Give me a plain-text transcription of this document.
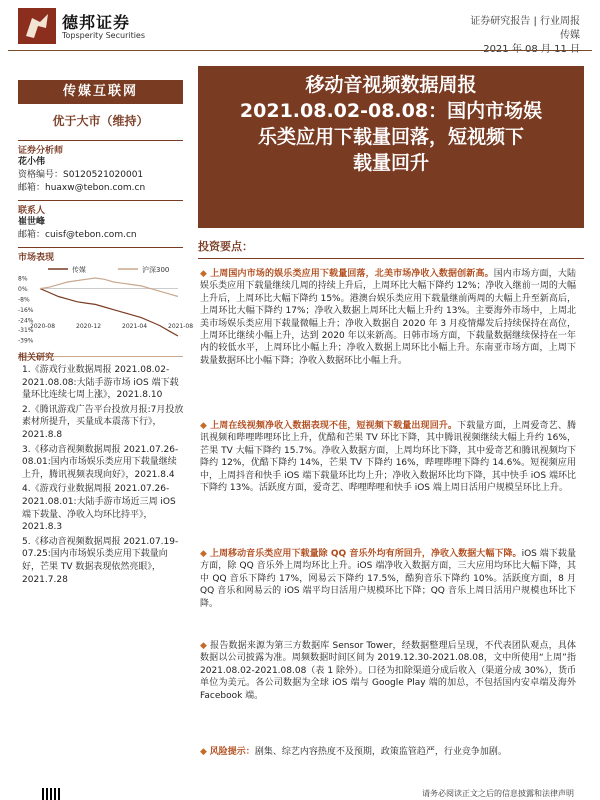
德邦证券
Topsperity Securities
证券研究报告 | 行业周报
传媒
传媒互联网
优于大市（维持）
证券分析师
花小伟
资格编号：S0120521020001
邮箱：huaxw@tebon.com.cn
联系人
崔世峰
邮箱：cuisf@tebon.com.cn
市场表现
传媒	沪深300
8%
0%
-8%
-16%
-24%
-31%
-39%
2020-08	2020-12	2021-04	2021-08
相关研究
1.《游戏行业数据周报 2021.08.02-2021.08.08:大陆手游市场 iOS 端下载量环比连续七周上涨》，2021.8.10
2.《腾讯游戏广告平台投放月报:7月投放素材所提升，买量成本震荡下行》，2021.8.8
3.《移动音视频数据周报 2021.07.26-08.01:国内市场娱乐类应用下载量继续上升，腾讯视频表现向好》，2021.8.4
4.《游戏行业数据周报 2021.07.26-2021.08.01:大陆手游市场近三周 iOS 端下载量、净收入均环比持平》，2021.8.3
5.《移动音视频数据周报 2021.07.19-07.25:国内市场娱乐类应用下载量向好，芒果 TV 数据表现依然亮眼》，2021.7.28
移动音视频数据周报
2021.08.02-08.08：国内市场娱
乐类应用下载量回落，短视频下
载量回升
投资要点：
◆ 上周国内市场的娱乐类应用下载量回落，北美市场净收入数据创新高。国内市场方面，大陆娱乐类应用下载量继续几周的持续上升后，上周环比大幅下降约 12%；净收入继前一周的大幅上升后，上周环比大幅下降约 15%。港澳台娱乐类应用下载量继前两周的大幅上升至新高后，上周环比大幅下降约 17%；净收入数据上周环比大幅上升约 13%。主要海外市场中，上周北美市场娱乐类应用下载量微幅上升；净收入数据自 2020 年 3 月疫情爆发后持续保持在高位，上周环比继续小幅上升，达到 2020 年以来新高。日韩市场方面，下载量数据继续保持在一年内的较低水平，上周环比小幅上升；净收入数据上周环比小幅上升。东南亚市场方面，上周下载量数据环比小幅下降；净收入数据环比小幅上升。
◆ 上周在线视频净收入数据表现不佳，短视频下载量出现回升。下载量方面，上周爱奇艺、腾讯视频和哔哩哔哩环比上升，优酷和芒果 TV 环比下降，其中腾讯视频继续大幅上升约 16%，芒果 TV 大幅下降约 15.7%。净收入数据方面，上周均环比下降，其中爱奇艺和腾讯视频均下降约 12%，优酷下降约 14%，芒果 TV 下降约 16%，哔哩哔哩下降约 14.6%。短视频应用中，上周抖音和快手 iOS 端下载量环比均上升；净收入数据环比均下降，其中快手 iOS 端环比下降约 13%。活跃度方面，爱奇艺、哔哩哔哩和快手 iOS 端上周日活用户规模呈环比上升。
◆ 上周移动音乐类应用下载量除 QQ 音乐外均有所回升，净收入数据大幅下降。iOS 端下载量方面，除 QQ 音乐外上周均环比上升。iOS 端净收入数据方面，三大应用均环比大幅下降，其中 QQ 音乐下降约 17%，网易云下降约 17.5%，酷狗音乐下降约 10%。活跃度方面，8 月 QQ 音乐和网易云的 iOS 端平均日活用户规模环比下降；QQ 音乐上周日活用户规模也环比下降。
◆ 报告数据来源为第三方数据库 Sensor Tower，经数据整理后呈现，不代表团队观点，具体数据以公司披露为准。周频数据时间区间为 2019.12.30-2021.08.08，文中所使用“上周”指 2021.08.02-2021.08.08（表 1 除外）。口径为扣除渠道分成后收入（渠道分成 30%），货币单位为美元。各公司数据为全球 iOS 端与 Google Play 端的加总，不包括国内安卓端及海外 Facebook 端。
◆ 风险提示：剧集、综艺内容热度不及预期，政策监管趋严，行业竞争加剧。
请务必阅读正文之后的信息披露和法律声明
